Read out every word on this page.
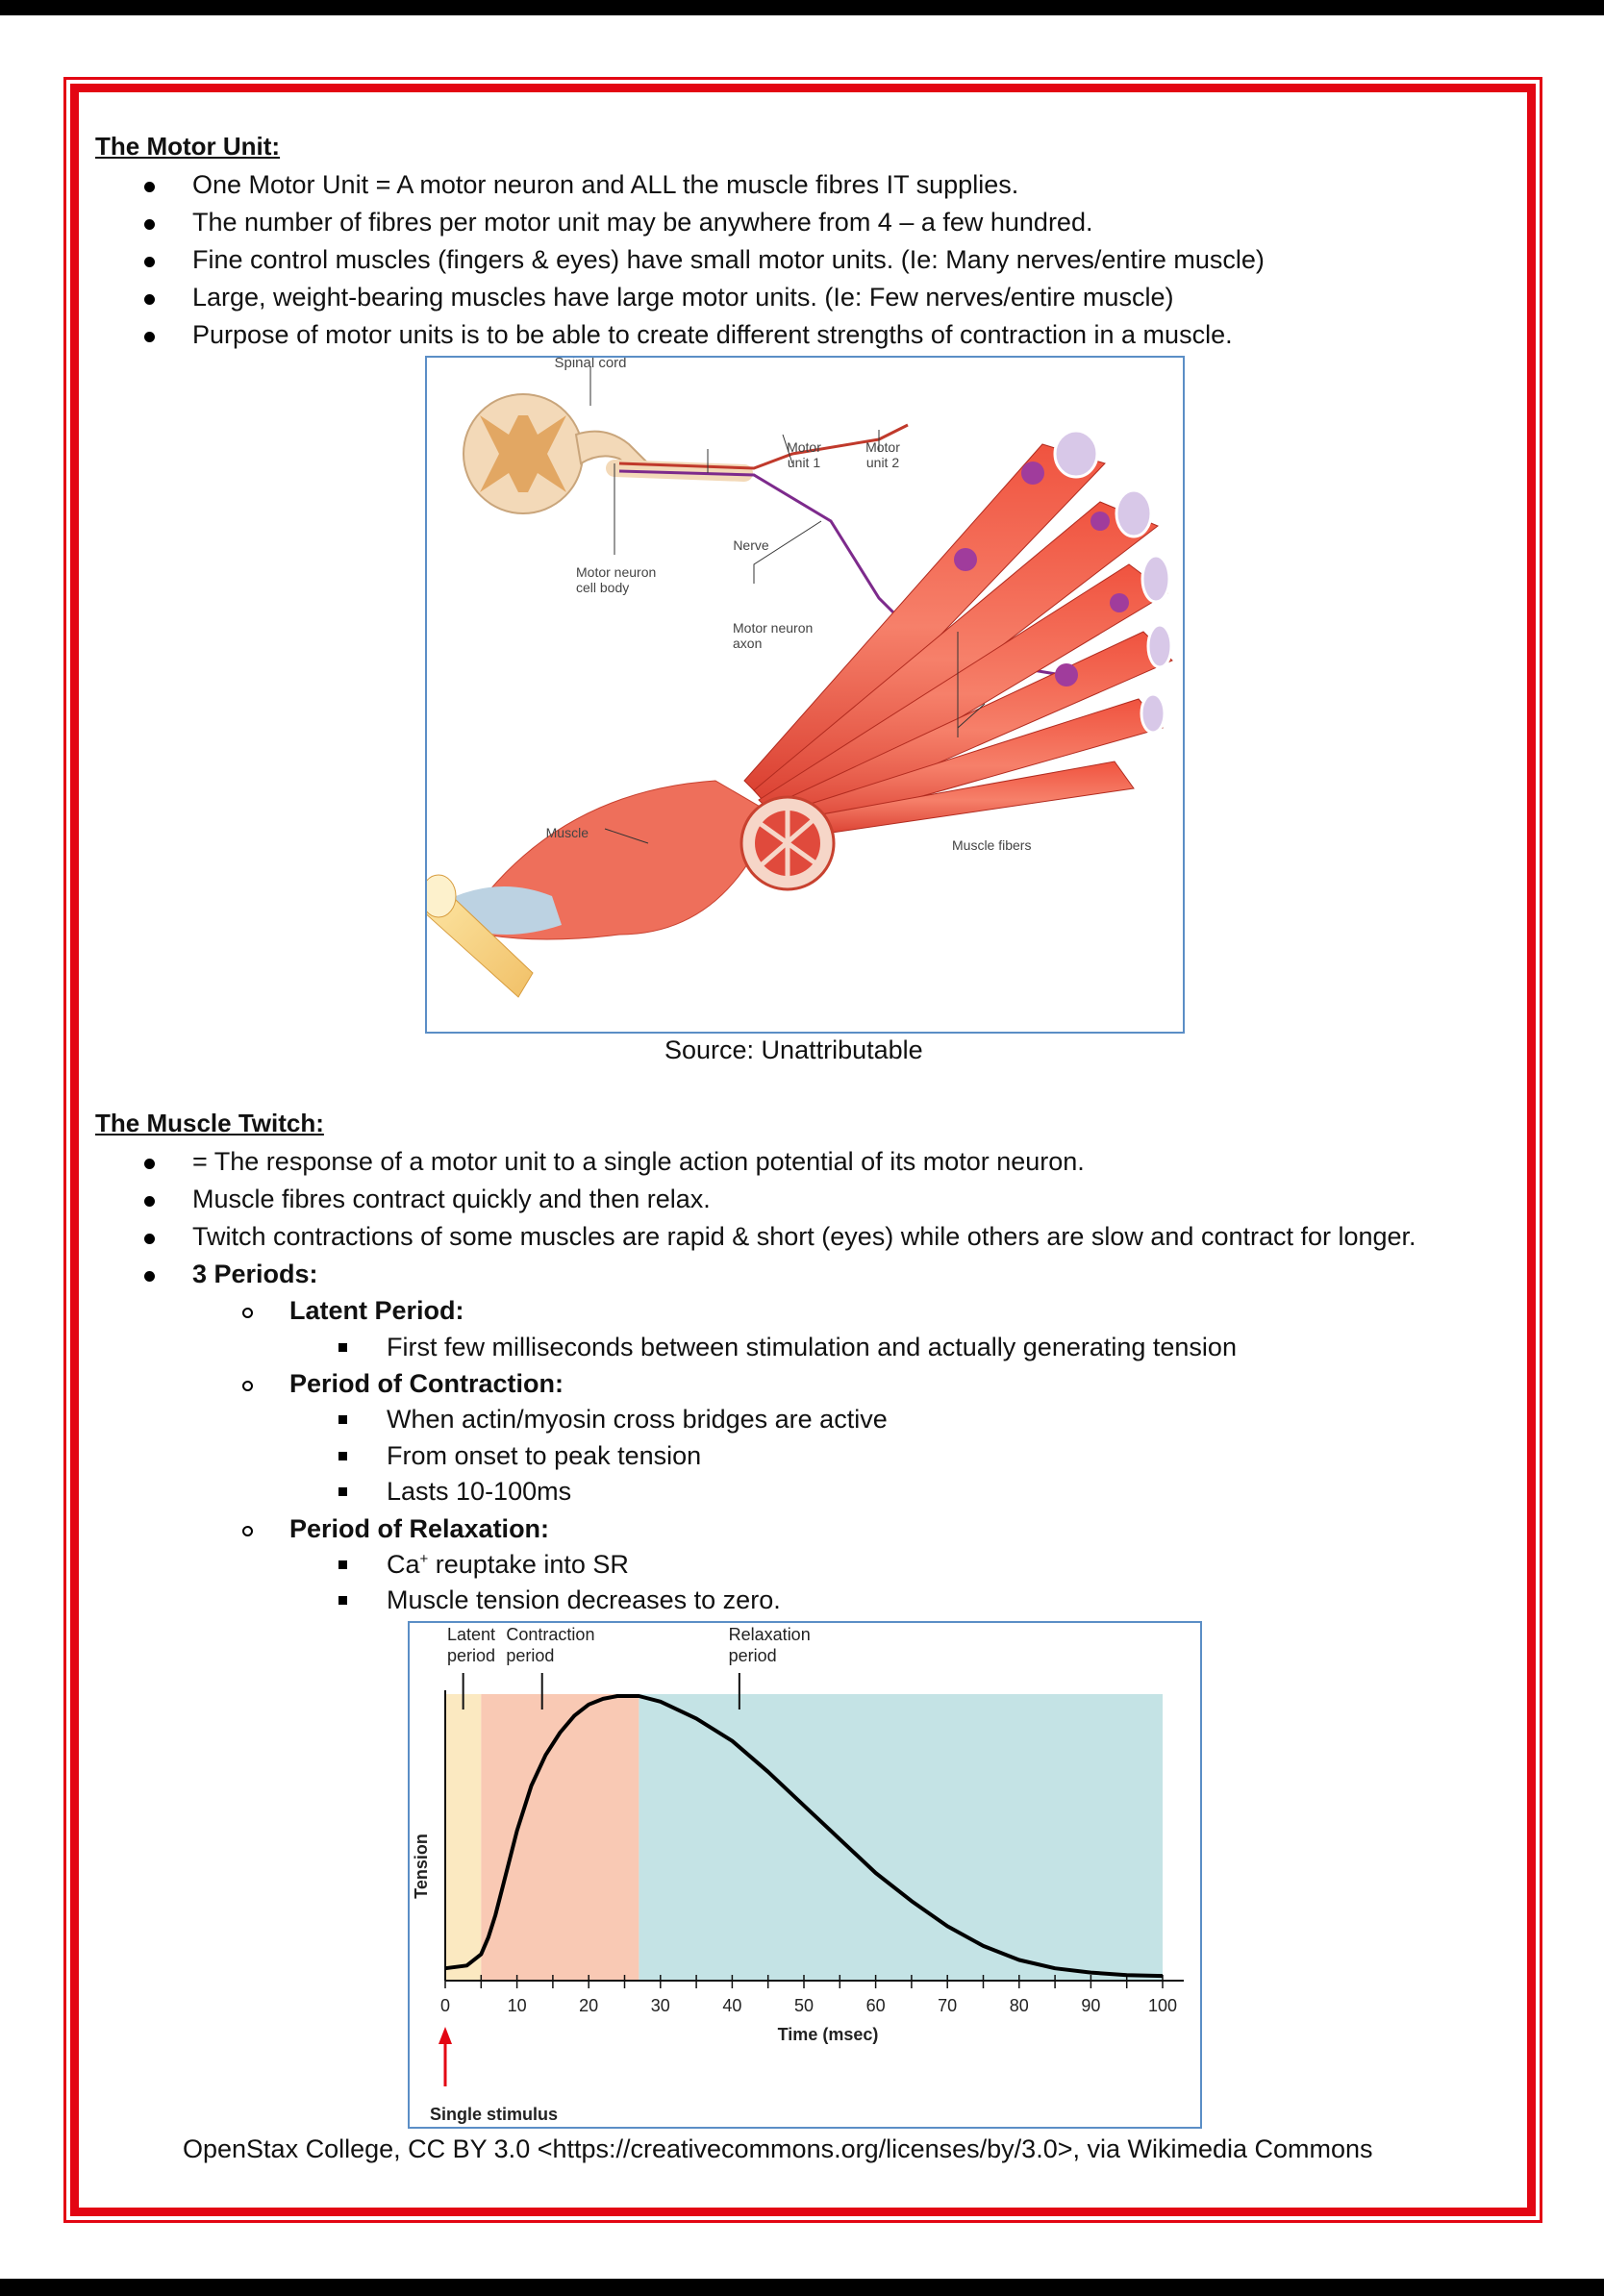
The Motor Unit:
One Motor Unit = A motor neuron and ALL the muscle fibres IT supplies.
The number of fibres per motor unit may be anywhere from 4 – a few hundred.
Fine control muscles (fingers & eyes) have small motor units. (Ie: Many nerves/entire muscle)
Large, weight-bearing muscles have large motor units. (Ie: Few nerves/entire muscle)
Purpose of motor units is to be able to create different strengths of contraction in a muscle.
Spinal cord
Motor
unit 1
Motor
unit 2
Nerve
Motor neuron
cell body
Motor neuron
axon
Muscle
Muscle fibers
Source: Unattributable
The Muscle Twitch:
= The response of a motor unit to a single action potential of its motor neuron.
Muscle fibres contract quickly and then relax.
Twitch contractions of some muscles are rapid & short (eyes) while others are slow and contract for longer.
3 Periods:
Latent Period:
First few milliseconds between stimulation and actually generating tension
Period of Contraction:
When actin/myosin cross bridges are active
From onset to peak tension
Lasts 10-100ms
Period of Relaxation:
Ca+ reuptake into SR
Muscle tension decreases to zero.
Latent
period
Contraction
period
Relaxation
period
0	10	20	30	40	50	60	70	80	90	100
Time (msec)
Tension
Single stimulus
OpenStax College, CC BY 3.0 <https://creativecommons.org/licenses/by/3.0>, via Wikimedia Commons
